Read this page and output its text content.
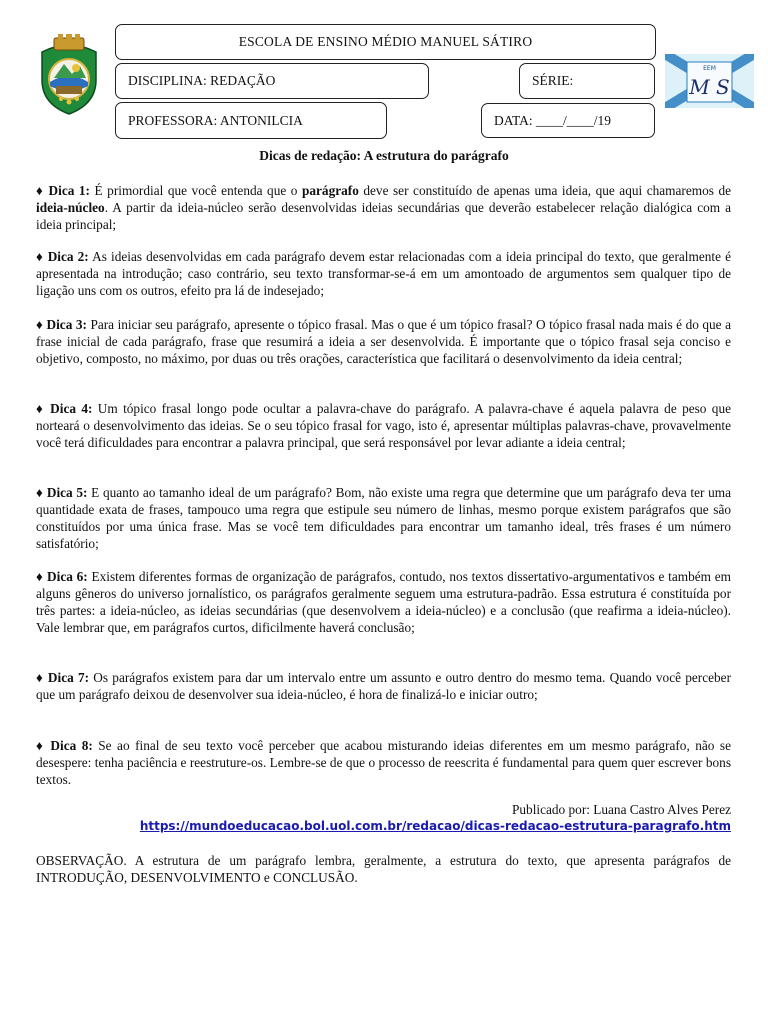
EEM
M S
ESCOLA DE ENSINO MÉDIO MANUEL SÁTIRO
DISCIPLINA: REDAÇÃO	SÉRIE:
PROFESSORA: ANTONILCIA	DATA: ____/____/19
Dicas de redação: A estrutura do parágrafo

♦ Dica 1: É primordial que você entenda que o parágrafo deve ser constituído de apenas uma ideia, que aqui chamaremos de ideia-núcleo. A partir da ideia-núcleo serão desenvolvidas ideias secundárias que deverão estabelecer relação dialógica com a ideia principal;

♦ Dica 2: As ideias desenvolvidas em cada parágrafo devem estar relacionadas com a ideia principal do texto, que geralmente é apresentada na introdução; caso contrário, seu texto transformar-se-á em um amontoado de argumentos sem qualquer tipo de ligação uns com os outros, efeito pra lá de indesejado;

♦ Dica 3: Para iniciar seu parágrafo, apresente o tópico frasal. Mas o que é um tópico frasal? O tópico frasal nada mais é do que a frase inicial de cada parágrafo, frase que resumirá a ideia a ser desenvolvida. É importante que o tópico frasal seja conciso e objetivo, composto, no máximo, por duas ou três orações, característica que facilitará o desenvolvimento da ideia central;

♦ Dica 4: Um tópico frasal longo pode ocultar a palavra-chave do parágrafo. A palavra-chave é aquela palavra de peso que norteará o desenvolvimento das ideias. Se o seu tópico frasal for vago, isto é, apresentar múltiplas palavras-chave, provavelmente você terá dificuldades para encontrar a palavra principal, que será responsável por levar adiante a ideia central;

♦ Dica 5: E quanto ao tamanho ideal de um parágrafo? Bom, não existe uma regra que determine que um parágrafo deva ter uma quantidade exata de frases, tampouco uma regra que estipule seu número de linhas, mesmo porque existem parágrafos que são constituídos por uma única frase. Mas se você tem dificuldades para encontrar um tamanho ideal, três frases é um número satisfatório;

♦ Dica 6: Existem diferentes formas de organização de parágrafos, contudo, nos textos dissertativo-argumentativos e também em alguns gêneros do universo jornalístico, os parágrafos geralmente seguem uma estrutura-padrão. Essa estrutura é constituída por três partes: a ideia-núcleo, as ideias secundárias (que desenvolvem a ideia-núcleo) e a conclusão (que reafirma a ideia-núcleo). Vale lembrar que, em parágrafos curtos, dificilmente haverá conclusão;

♦ Dica 7: Os parágrafos existem para dar um intervalo entre um assunto e outro dentro do mesmo tema. Quando você perceber que um parágrafo deixou de desenvolver sua ideia-núcleo, é hora de finalizá-lo e iniciar outro;

♦ Dica 8: Se ao final de seu texto você perceber que acabou misturando ideias diferentes em um mesmo parágrafo, não se desespere: tenha paciência e reestruture-os. Lembre-se de que o processo de reescrita é fundamental para quem quer escrever bons textos.

Publicado por: Luana Castro Alves Perez
https://mundoeducacao.bol.uol.com.br/redacao/dicas-redacao-estrutura-paragrafo.htm

OBSERVAÇÃO. A estrutura de um parágrafo lembra, geralmente, a estrutura do texto, que apresenta parágrafos de INTRODUÇÃO, DESENVOLVIMENTO e CONCLUSÃO.
